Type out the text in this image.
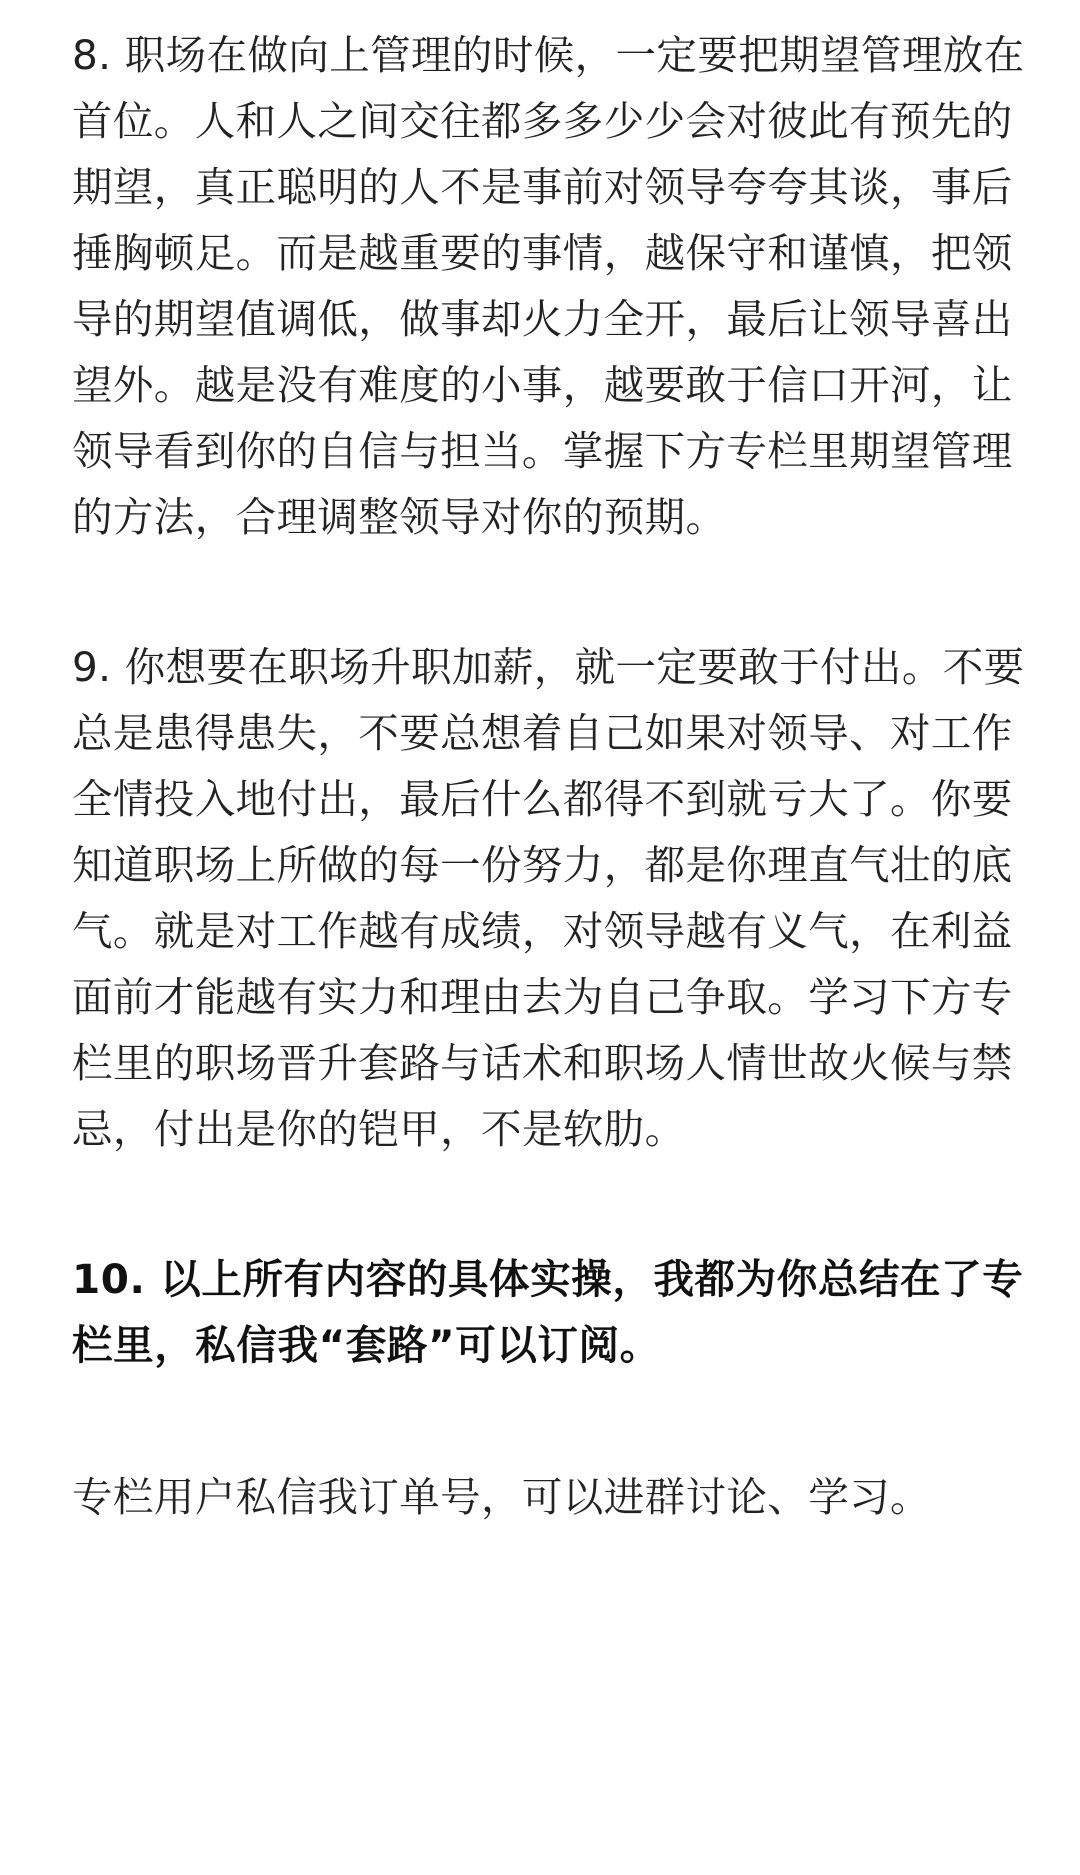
8. 职场在做向上管理的时候，一定要把期望管理放在首位。人和人之间交往都多多少少会对彼此有预先的期望，真正聪明的人不是事前对领导夸夸其谈，事后捶胸顿足。而是越重要的事情，越保守和谨慎，把领导的期望值调低，做事却火力全开，最后让领导喜出望外。越是没有难度的小事，越要敢于信口开河，让领导看到你的自信与担当。掌握下方专栏里期望管理的方法，合理调整领导对你的预期。

9. 你想要在职场升职加薪，就一定要敢于付出。不要总是患得患失，不要总想着自己如果对领导、对工作全情投入地付出，最后什么都得不到就亏大了。你要知道职场上所做的每一份努力，都是你理直气壮的底气。就是对工作越有成绩，对领导越有义气，在利益面前才能越有实力和理由去为自己争取。学习下方专栏里的职场晋升套路与话术和职场人情世故火候与禁忌，付出是你的铠甲，不是软肋。

10. 以上所有内容的具体实操，我都为你总结在了专栏里，私信我“套路”可以订阅。

专栏用户私信我订单号，可以进群讨论、学习。
